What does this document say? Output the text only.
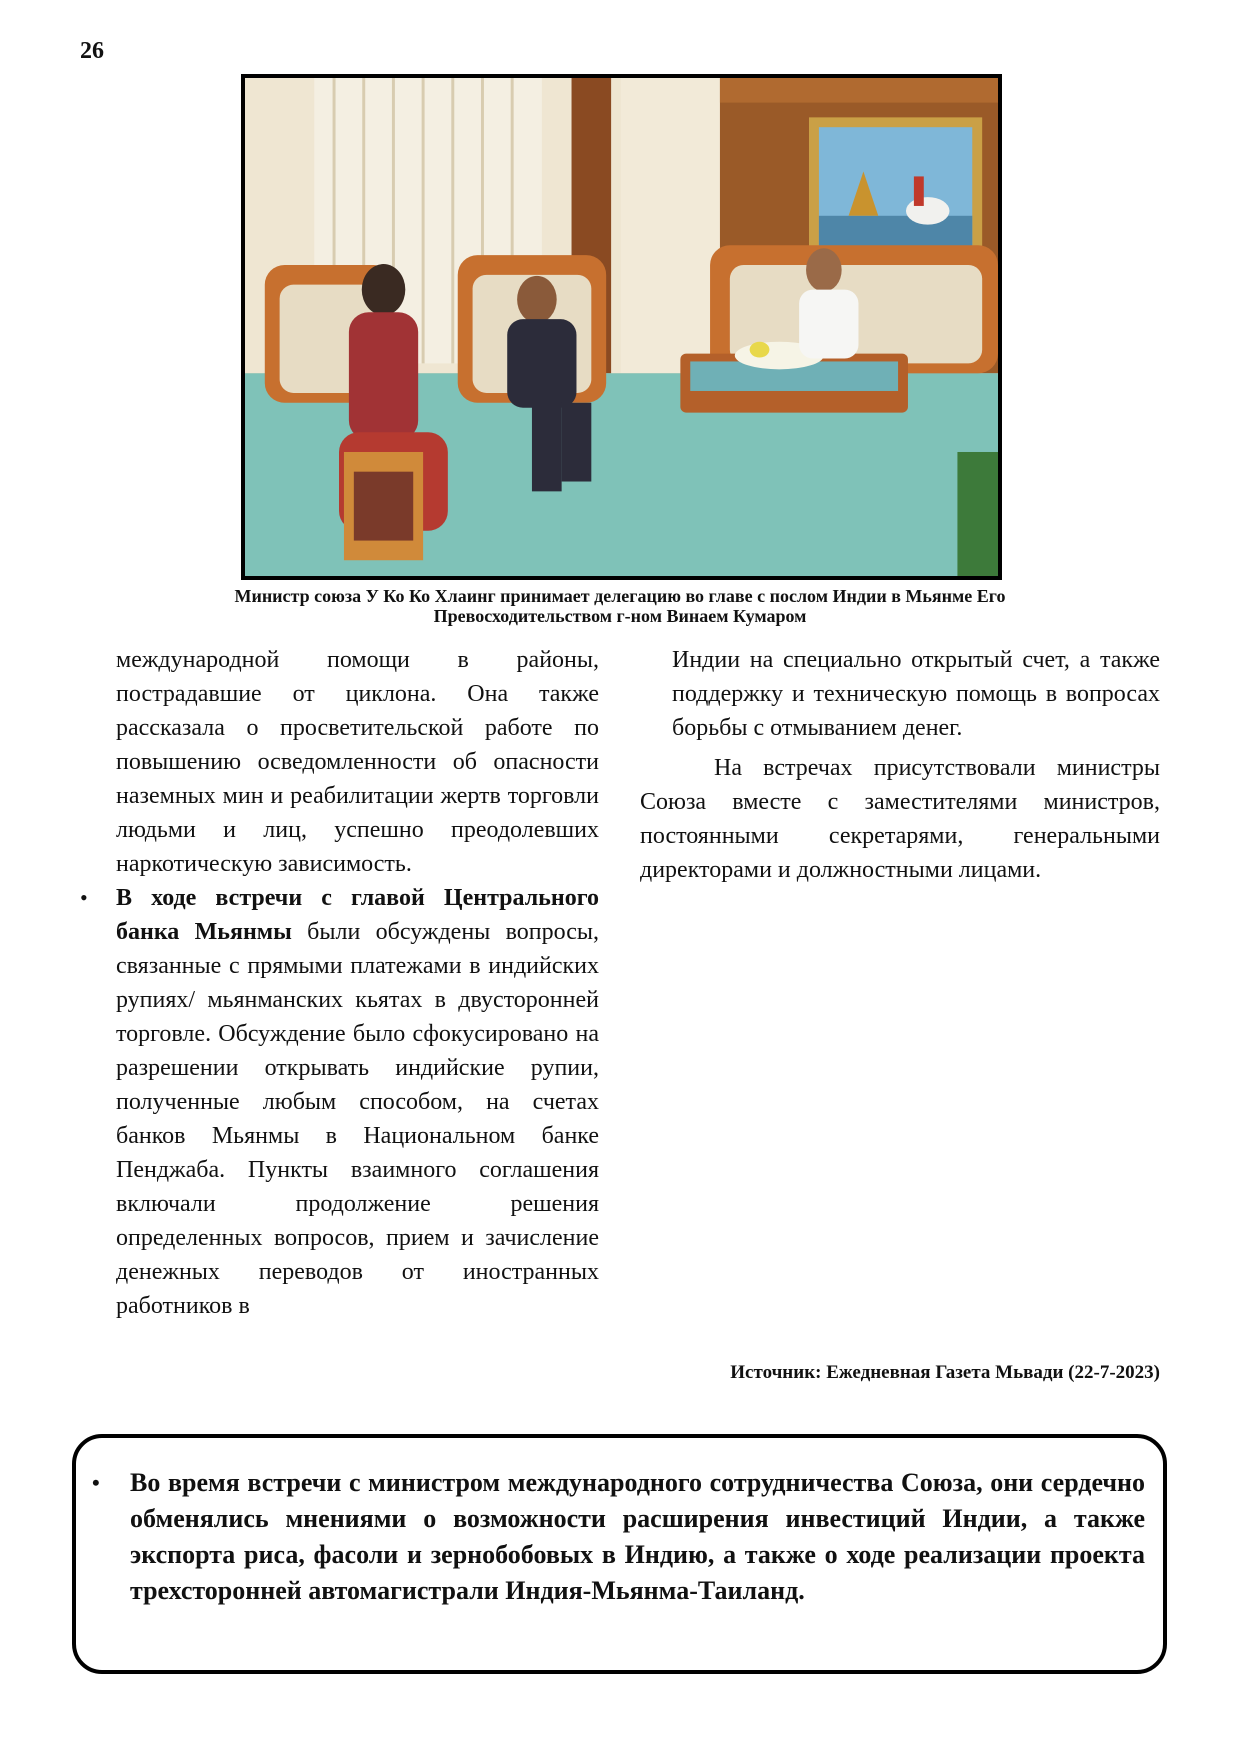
26
Министр союза У Ко Ко Хлаинг принимает делегацию во главе с послом Индии в Мьянме Его Превосходительством г-ном Винаем Кумаром

международной помощи в районы, пострадавшие от циклона. Она также рассказала о просветительской работе по повышению осведомленности об опасности наземных мин и реабилитации жертв торговли людьми и лиц, успешно преодолевших наркотическую зависимость.

• В ходе встречи с главой Центрального банка Мьянмы были обсуждены вопросы, связанные с прямыми платежами в индийских рупиях/ мьянманских кьятах в двусторонней торговле. Обсуждение было сфокусировано на разрешении открывать индийские рупии, полученные любым способом, на счетах банков Мьянмы в Национальном банке Пенджаба. Пункты взаимного соглашения включали продолжение решения определенных вопросов, прием и зачисление денежных переводов от иностранных работников в

Индии на специально открытый счет, а также поддержку и техническую помощь в вопросах борьбы с отмыванием денег.

На встречах присутствовали министры Союза вместе с заместителями министров, постоянными секретарями, генеральными директорами и должностными лицами.

Источник: Ежедневная Газета Мьвади (22-7-2023)
• Во время встречи с министром международного сотрудничества Союза, они сердечно обменялись мнениями о возможности расширения инвестиций Индии, а также экспорта риса, фасоли и зернобобовых в Индию, а также о ходе реализации проекта трехсторонней автомагистрали Индия-Мьянма-Таиланд.
